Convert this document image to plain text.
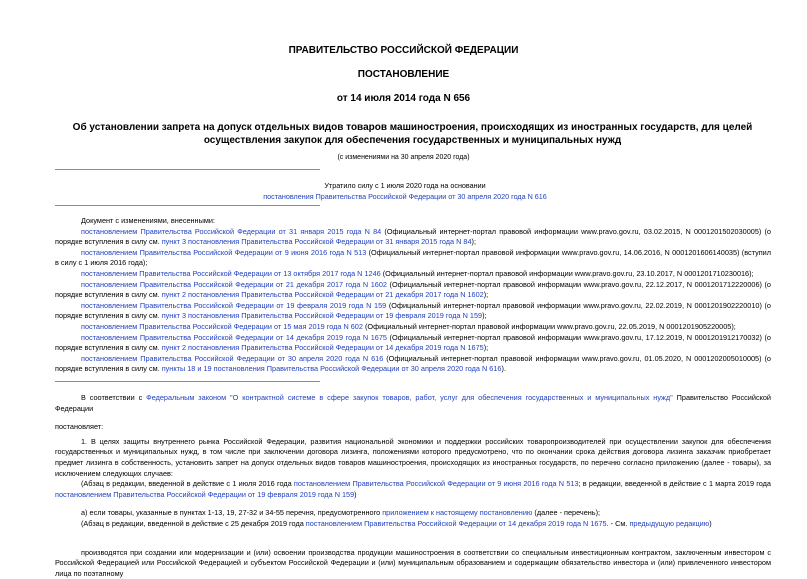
ПРАВИТЕЛЬСТВО РОССИЙСКОЙ ФЕДЕРАЦИИ
ПОСТАНОВЛЕНИЕ
от 14 июля 2014 года N 656
Об установлении запрета на допуск отдельных видов товаров машиностроения, происходящих из иностранных государств, для целей осуществления закупок для обеспечения государственных и муниципальных нужд
(с изменениями на 30 апреля 2020 года)

Утратило силу с 1 июля 2020 года на основании

постановления Правительства Российской Федерации от 30 апреля 2020 года N 616

Документ с изменениями, внесенными:

постановлением Правительства Российской Федерации от 31 января 2015 года N 84 (Официальный интернет-портал правовой информации www.pravo.gov.ru, 03.02.2015, N 0001201502030005) (о порядке вступления в силу см. пункт 3 постановления Правительства Российской Федерации от 31 января 2015 года N 84);

постановлением Правительства Российской Федерации от 9 июня 2016 года N 513 (Официальный интернет-портал правовой информации www.pravo.gov.ru, 14.06.2016, N 0001201606140035) (вступил в силу с 1 июля 2016 года);

постановлением Правительства Российской Федерации от 13 октября 2017 года N 1246 (Официальный интернет-портал правовой информации www.pravo.gov.ru, 23.10.2017, N 0001201710230016);

постановлением Правительства Российской Федерации от 21 декабря 2017 года N 1602 (Официальный интернет-портал правовой информации www.pravo.gov.ru, 22.12.2017, N 0001201712220006) (о порядке вступления в силу см. пункт 2 постановления Правительства Российской Федерации от 21 декабря 2017 года N 1602);

постановлением Правительства Российской Федерации от 19 февраля 2019 года N 159 (Официальный интернет-портал правовой информации www.pravo.gov.ru, 22.02.2019, N 0001201902220010) (о порядке вступления в силу см. пункт 3 постановления Правительства Российской Федерации от 19 февраля 2019 года N 159);

постановлением Правительства Российской Федерации от 15 мая 2019 года N 602 (Официальный интернет-портал правовой информации www.pravo.gov.ru, 22.05.2019, N 0001201905220005);

постановлением Правительства Российской Федерации от 14 декабря 2019 года N 1675 (Официальный интернет-портал правовой информации www.pravo.gov.ru, 17.12.2019, N 0001201912170032) (о порядке вступления в силу см. пункт 2 постановления Правительства Российской Федерации от 14 декабря 2019 года N 1675);

постановлением Правительства Российской Федерации от 30 апреля 2020 года N 616 (Официальный интернет-портал правовой информации www.pravo.gov.ru, 01.05.2020, N 0001202005010005) (о порядке вступления в силу см. пункты 18 и 19 постановления Правительства Российской Федерации от 30 апреля 2020 года N 616).

В соответствии с Федеральным законом "О контрактной системе в сфере закупок товаров, работ, услуг для обеспечения государственных и муниципальных нужд" Правительство Российской Федерации

постановляет:

1. В целях защиты внутреннего рынка Российской Федерации, развития национальной экономики и поддержки российских товаропроизводителей при осуществлении закупок для обеспечения государственных и муниципальных нужд, в том числе при заключении договора лизинга, положениями которого предусмотрено, что по окончании срока действия договора лизинга заказчик приобретает предмет лизинга в собственность, установить запрет на допуск отдельных видов товаров машиностроения, происходящих из иностранных государств, по перечню согласно приложению (далее - товары), за исключением следующих случаев:

(Абзац в редакции, введенной в действие с 1 июля 2016 года постановлением Правительства Российской Федерации от 9 июня 2016 года N 513; в редакции, введенной в действие с 1 марта 2019 года постановлением Правительства Российской Федерации от 19 февраля 2019 года N 159)

а) если товары, указанные в пунктах 1-13, 19, 27-32 и 34-55 перечня, предусмотренного приложением к настоящему постановлению (далее - перечень);

(Абзац в редакции, введенной в действие с 25 декабря 2019 года постановлением Правительства Российской Федерации от 14 декабря 2019 года N 1675. - См. предыдущую редакцию)

производятся при создании или модернизации и (или) освоении производства продукции машиностроения в соответствии со специальным инвестиционным контрактом, заключенным инвестором с Российской Федерацией или Российской Федерацией и субъектом Российской Федерации и (или) муниципальным образованием и содержащим обязательство инвестора и (или) привлеченного инвестором лица по поэтапному
